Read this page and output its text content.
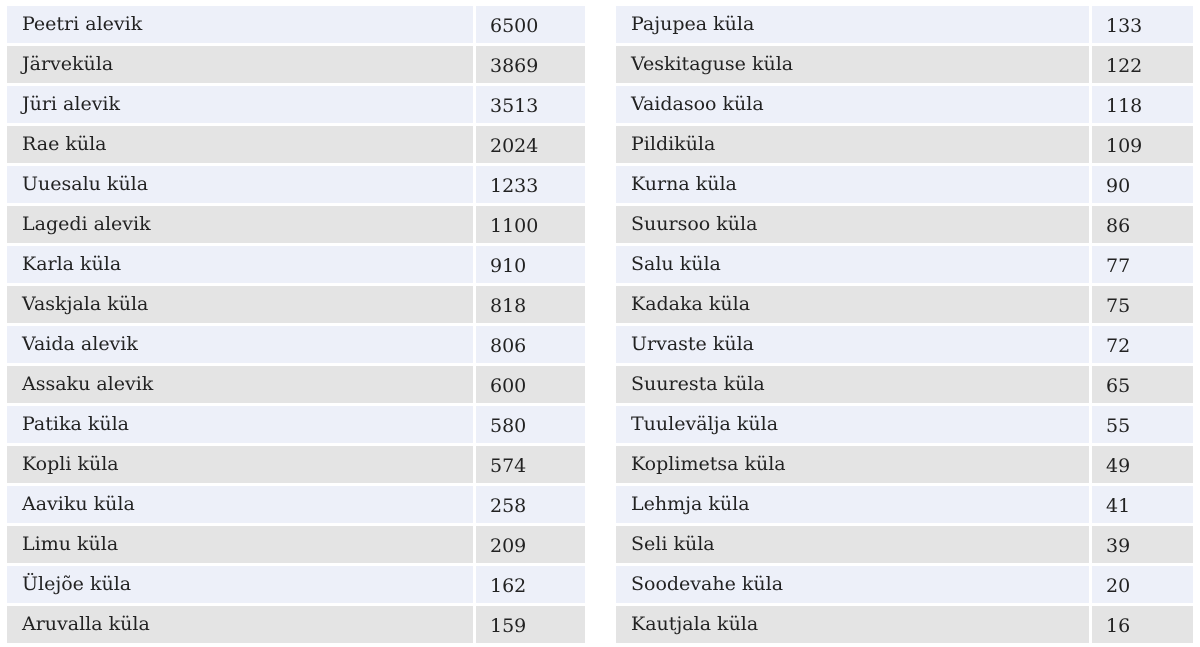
Peetri alevik	6500
Järveküla	3869
Jüri alevik	3513
Rae küla	2024
Uuesalu küla	1233
Lagedi alevik	1100
Karla küla	910
Vaskjala küla	818
Vaida alevik	806
Assaku alevik	600
Patika küla	580
Kopli küla	574
Aaviku küla	258
Limu küla	209
Ülejõe küla	162
Aruvalla küla	159
Pajupea küla	133
Veskitaguse küla	122
Vaidasoo küla	118
Pildiküla	109
Kurna küla	90
Suursoo küla	86
Salu küla	77
Kadaka küla	75
Urvaste küla	72
Suuresta küla	65
Tuuleväljа küla	55
Koplimetsa küla	49
Lehmja küla	41
Seli küla	39
Soodevahe küla	20
Kautjala küla	16
